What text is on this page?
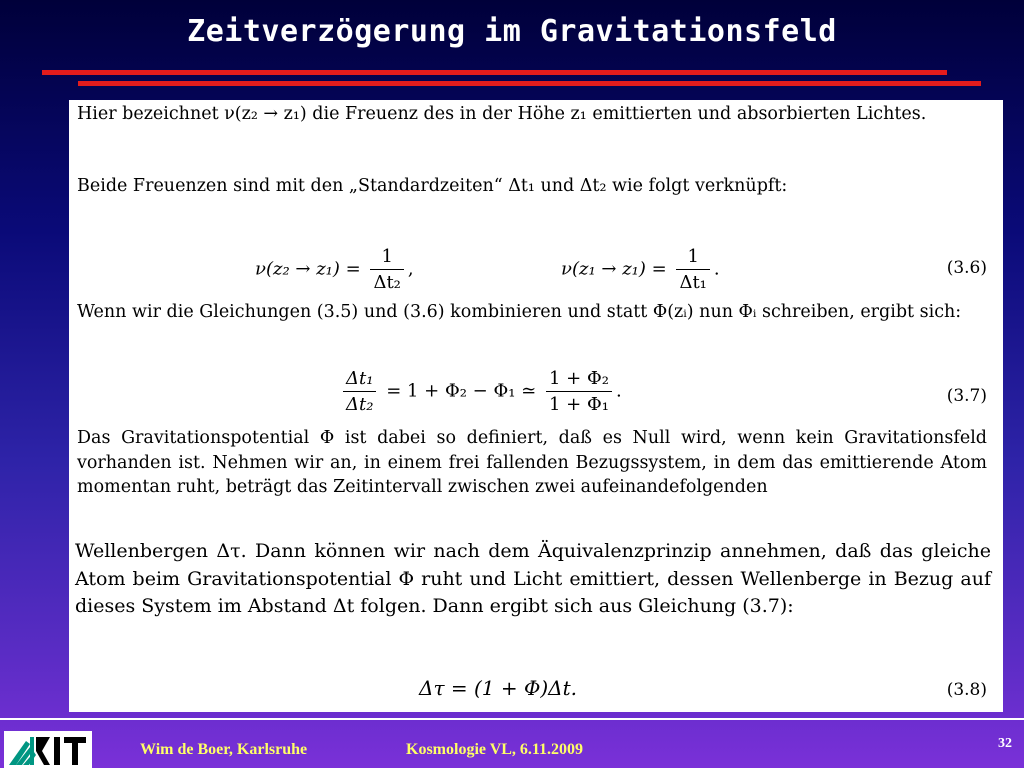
Zeitverzögerung im Gravitationsfeld

Hier bezeichnet ν(z₂ → z₁) die Freuenz des in der Höhe z₁ emittierten und absorbierten Lichtes.

Beide Freuenzen sind mit den „Standardzeiten“ Δt₁ und Δt₂ wie folgt verknüpft:

$\nu(z_2 \to z_1) = \frac{1}{\text{Δt₂}}$ ,	$\nu(z_1 \to z_1) = \frac{1}{\text{Δt₁}}$ .	(3.6)

Wenn wir die Gleichungen (3.5) und (3.6) kombinieren und statt Φ(zᵢ) nun Φᵢ schreiben, ergibt sich:

$\frac{\text{Δt₁}}{\text{Δt₂}} = 1 + \Phi_2 - \Phi_1$ ≃ $\frac{\text{1 + Φ₂}}{\text{1 + Φ₁}}$ .	(3.7)

Das Gravitationspotential Φ ist dabei so definiert, daß es Null wird, wenn kein Gravitationsfeld vorhanden ist. Nehmen wir an, in einem frei fallenden Bezugssystem, in dem das emittierende Atom momentan ruht, beträgt das Zeitintervall zwischen zwei aufeinandefolgenden

Wellenbergen Δτ. Dann können wir nach dem Äquivalenzprinzip annehmen, daß das gleiche Atom beim Gravitationspotential Φ ruht und Licht emittiert, dessen Wellenberge in Bezug auf dieses System im Abstand Δt folgen. Dann ergibt sich aus Gleichung (3.7):

Δτ = (1 + Φ)Δt.	(3.8)
Wim de Boer, Karlsruhe	Kosmologie VL, 6.11.2009	32
